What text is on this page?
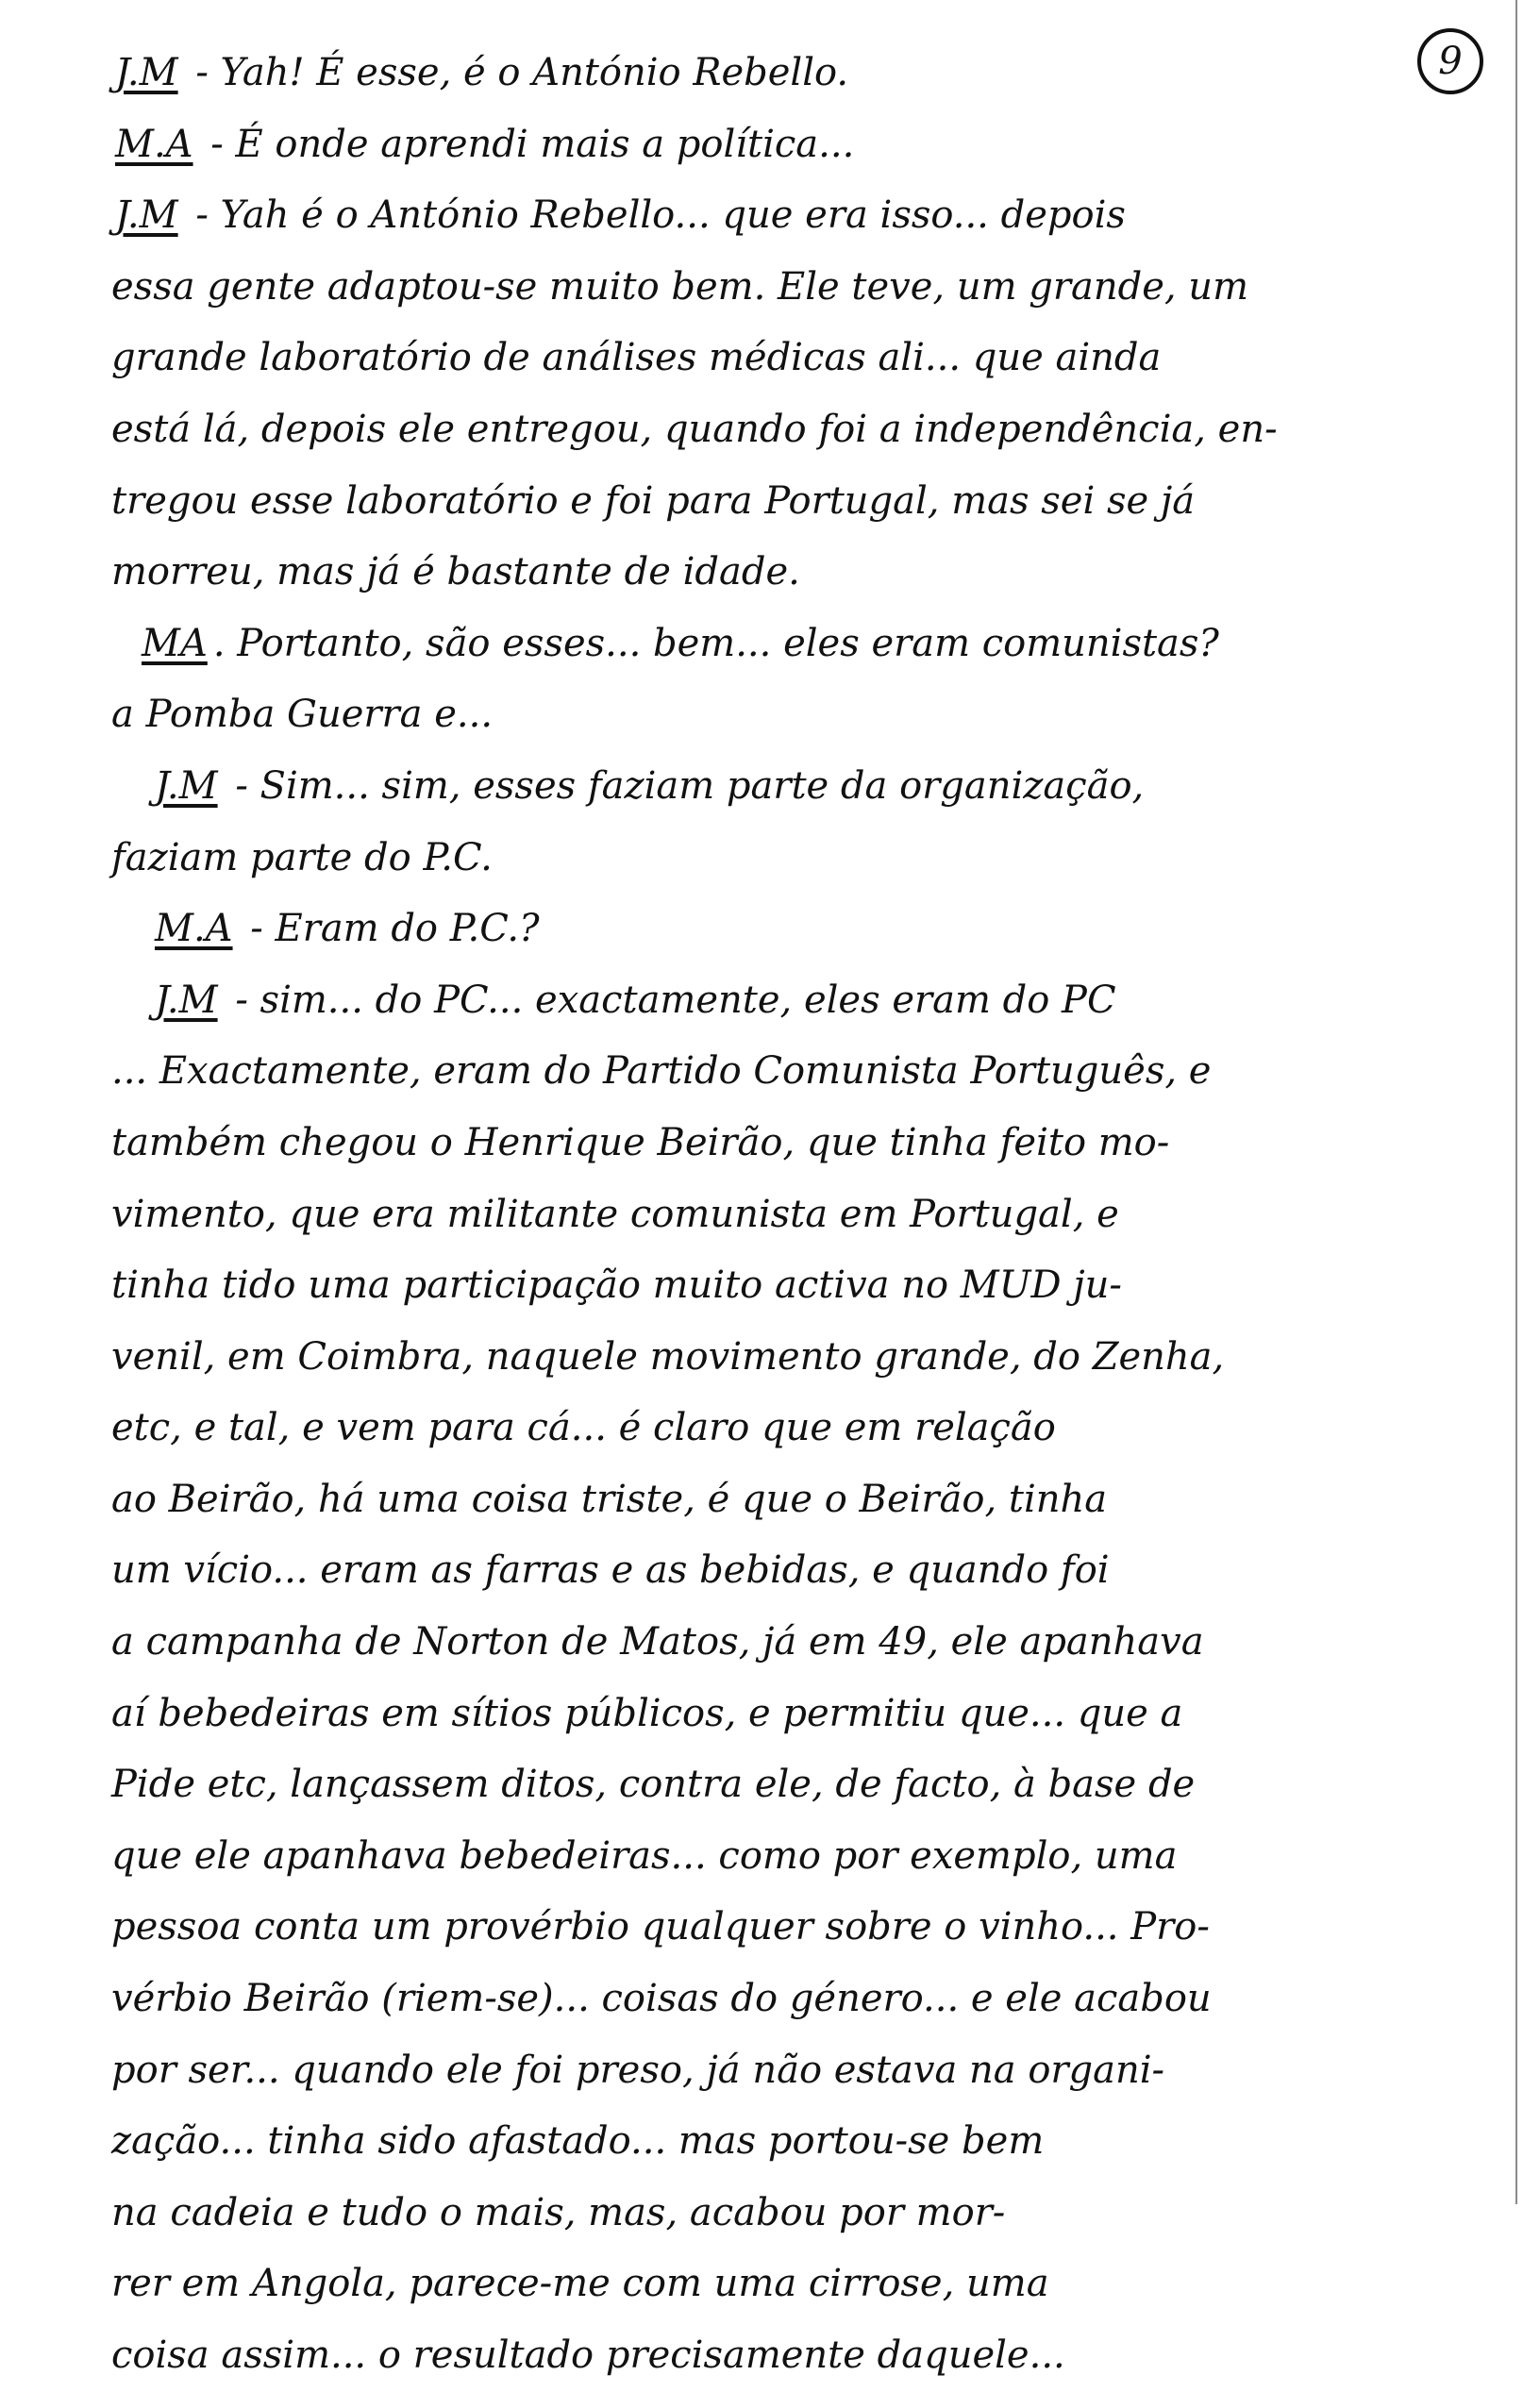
9
J.M - Yah! É esse, é o António Rebello.
M.A - É onde aprendi mais a política...
J.M - Yah é o António Rebello... que era isso... depois
essa gente adaptou-se muito bem. Ele teve, um grande, um
grande laboratório de análises médicas ali... que ainda
está lá, depois ele entregou, quando foi a independência, en-
tregou esse laboratório e foi para Portugal, mas sei se já
morreu, mas já é bastante de idade.
MA . Portanto, são esses... bem... eles eram comunistas?
a Pomba Guerra e...
J.M - Sim... sim, esses faziam parte da organização,
faziam parte do P.C.
M.A - Eram do P.C.?
J.M - sim... do PC... exactamente, eles eram do PC
... Exactamente, eram do Partido Comunista Português, e
também chegou o Henrique Beirão, que tinha feito mo-
vimento, que era militante comunista em Portugal, e
tinha tido uma participação muito activa no MUD ju-
venil, em Coimbra, naquele movimento grande, do Zenha,
etc, e tal, e vem para cá... é claro que em relação
ao Beirão, há uma coisa triste, é que o Beirão, tinha
um vício... eram as farras e as bebidas, e quando foi
a campanha de Norton de Matos, já em 49, ele apanhava
aí bebedeiras em sítios públicos, e permitiu que... que a
Pide etc, lançassem ditos, contra ele, de facto, à base de
que ele apanhava bebedeiras... como por exemplo, uma
pessoa conta um provérbio qualquer sobre o vinho... Pro-
vérbio Beirão (riem-se)... coisas do género... e ele acabou
por ser... quando ele foi preso, já não estava na organi-
zação... tinha sido afastado... mas portou-se bem
na cadeia e tudo o mais, mas, acabou por mor-
rer em Angola, parece-me com uma cirrose, uma
coisa assim... o resultado precisamente daquele...
